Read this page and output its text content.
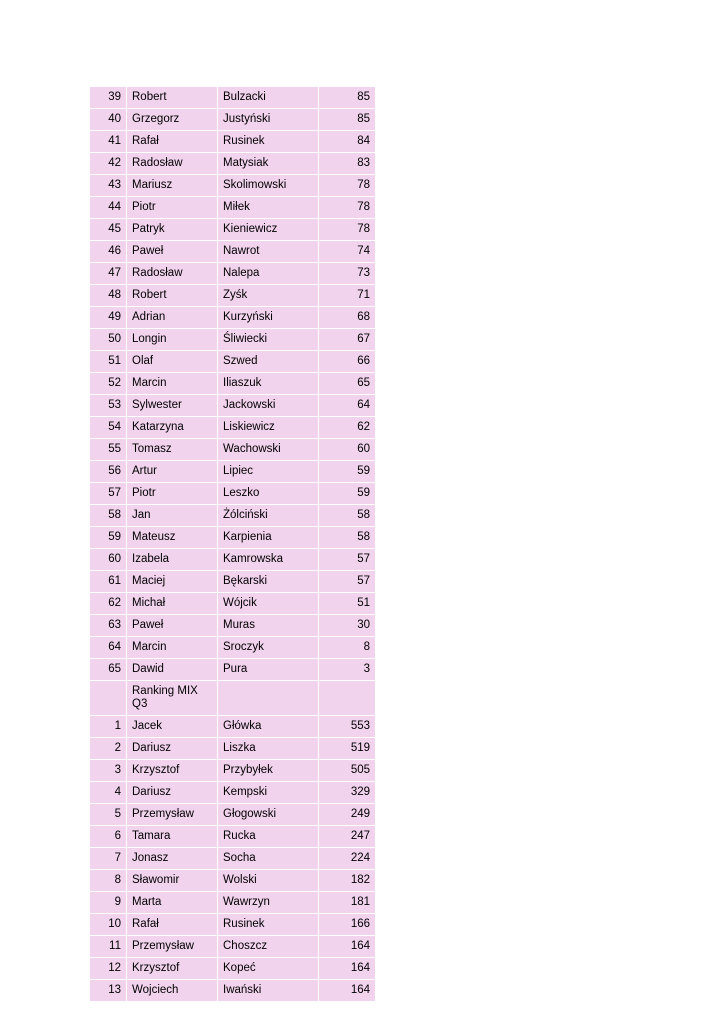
39	Robert	Bulzacki	85
40	Grzegorz	Justyński	85
41	Rafał	Rusinek	84
42	Radosław	Matysiak	83
43	Mariusz	Skolimowski	78
44	Piotr	Miłek	78
45	Patryk	Kieniewicz	78
46	Paweł	Nawrot	74
47	Radosław	Nalepa	73
48	Robert	Zyśk	71
49	Adrian	Kurzyński	68
50	Longin	Śliwiecki	67
51	Olaf	Szwed	66
52	Marcin	Iliaszuk	65
53	Sylwester	Jackowski	64
54	Katarzyna	Liskiewicz	62
55	Tomasz	Wachowski	60
56	Artur	Lipiec	59
57	Piotr	Leszko	59
58	Jan	Żólciński	58
59	Mateusz	Karpienia	58
60	Izabela	Kamrowska	57
61	Maciej	Bękarski	57
62	Michał	Wójcik	51
63	Paweł	Muras	30
64	Marcin	Sroczyk	8
65	Dawid	Pura	3
	Ranking MIX Q3		
1	Jacek	Główka	553
2	Dariusz	Liszka	519
3	Krzysztof	Przybyłek	505
4	Dariusz	Kempski	329
5	Przemysław	Głogowski	249
6	Tamara	Rucka	247
7	Jonasz	Socha	224
8	Sławomir	Wolski	182
9	Marta	Wawrzyn	181
10	Rafał	Rusinek	166
11	Przemysław	Choszcz	164
12	Krzysztof	Kopeć	164
13	Wojciech	Iwański	164
